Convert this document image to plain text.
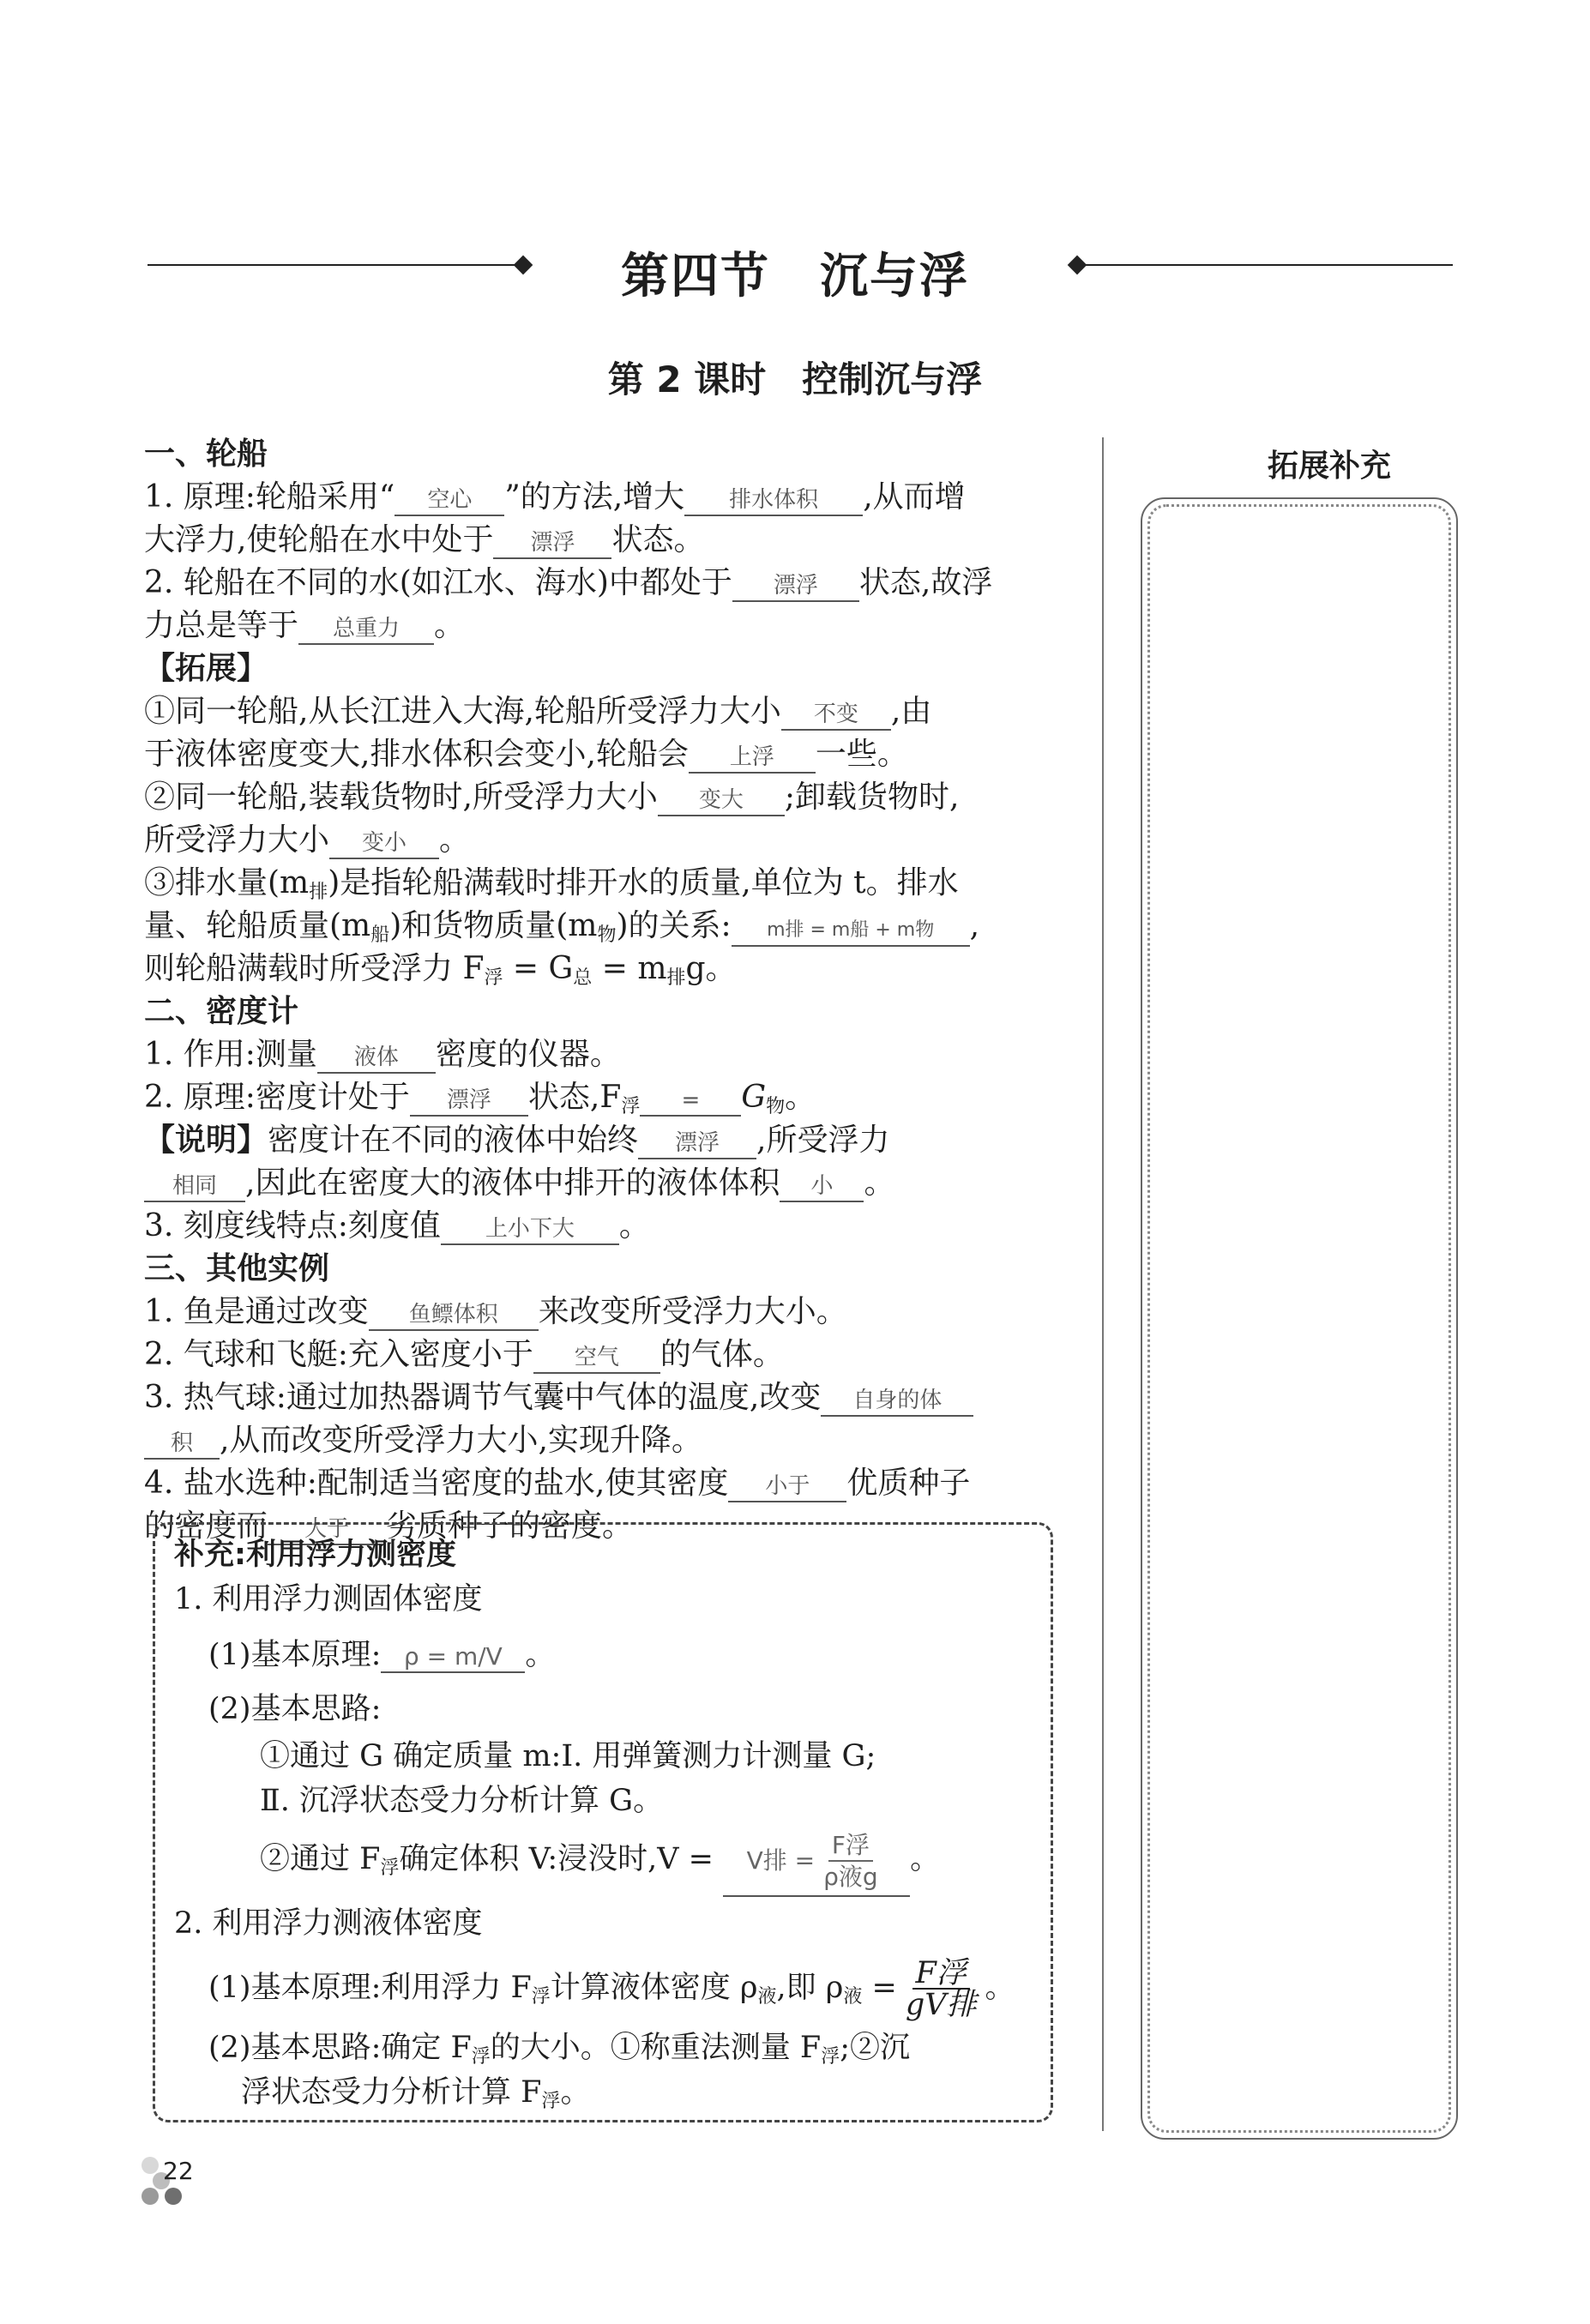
第四节　沉与浮
第 2 课时　控制沉与浮
一、轮船
1. 原理:轮船采用“ 空心 ”的方法,增大 排水体积 ,从而增
大浮力,使轮船在水中处于 漂浮 状态。
2. 轮船在不同的水(如江水、海水)中都处于 漂浮 状态,故浮
力总是等于 总重力 。
【拓展】
①同一轮船,从长江进入大海,轮船所受浮力大小 不变 ,由
于液体密度变大,排水体积会变小,轮船会 上浮 一些。
②同一轮船,装载货物时,所受浮力大小 变大 ;卸载货物时,
所受浮力大小 变小 。
③排水量$(m_排)$是指轮船满载时排开水的质量,单位为 t。排水
量、轮船质量$(m_船)$和货物质量$(m_物)$的关系: m排 = m船 + m物 ,
则轮船满载时所受浮力 $F_浮 = G_总 = m_排g$。
二、密度计
1. 作用:测量 液体 密度的仪器。
2. 原理:密度计处于 漂浮 状态$,F_浮 = G_物$。
【说明】密度计在不同的液体中始终 漂浮 ,所受浮力
相同 ,因此在密度大的液体中排开的液体体积 小 。
3. 刻度线特点:刻度值 上小下大 。
三、其他实例
1. 鱼是通过改变 鱼鳔体积 来改变所受浮力大小。
2. 气球和飞艇:充入密度小于 空气 的气体。
3. 热气球:通过加热器调节气囊中气体的温度,改变 自身的体
积 ,从而改变所受浮力大小,实现升降。
4. 盐水选种:配制适当密度的盐水,使其密度 小于 优质种子
的密度而 大于 劣质种子的密度。
补充:利用浮力测密度
1. 利用浮力测固体密度
(1)基本原理: ρ = m/V 。
(2)基本思路:
①通过 G 确定质量 m:Ⅰ. 用弹簧测力计测量 G;
Ⅱ. 沉浮状态受力分析计算 G。
②通过 $F_浮$确定体积 V:浸没时,V = V排 = $\frac{\text{F浮}}{\text{ρ液g}}$ 。
2. 利用浮力测液体密度
(1)基本原理:利用浮力 $F_浮$计算液体密度 $\rho_液$,即 $\rho_液 = \frac{\text{F浮}}{\text{gV排}}$ 。
(2)基本思路:确定 $F_浮$的大小。①称重法测量 $F_浮;②$沉
浮状态受力分析计算 $F_浮$。
拓展补充
22
